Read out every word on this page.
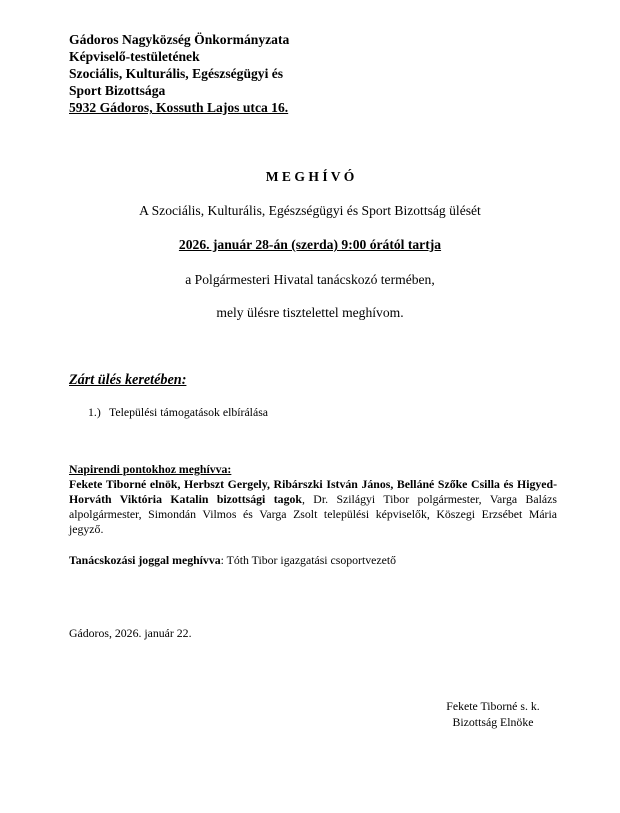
Gádoros Nagyközség Önkormányzata
Képviselő-testületének
Szociális, Kulturális, Egészségügyi és
Sport Bizottsága
5932 Gádoros, Kossuth Lajos utca 16.
M E G H Í V Ó
A Szociális, Kulturális, Egészségügyi és Sport Bizottság ülését
2026. január 28-án (szerda) 9:00 órától tartja
a Polgármesteri Hivatal tanácskozó termében,
mely ülésre tisztelettel meghívom.
Zárt ülés keretében:
1.) Települési támogatások elbírálása
Napirendi pontokhoz meghívva:
Fekete Tiborné elnök, Herbszt Gergely, Ribárszki István János, Belláné Szőke Csilla és Higyed-Horváth Viktória Katalin bizottsági tagok, Dr. Szilágyi Tibor polgármester, Varga Balázs alpolgármester, Simondán Vilmos és Varga Zsolt települési képviselők, Köszegi Erzsébet Mária jegyző.
Tanácskozási joggal meghívva: Tóth Tibor igazgatási csoportvezető
Gádoros, 2026. január 22.
Fekete Tiborné s. k.
Bizottság Elnöke
